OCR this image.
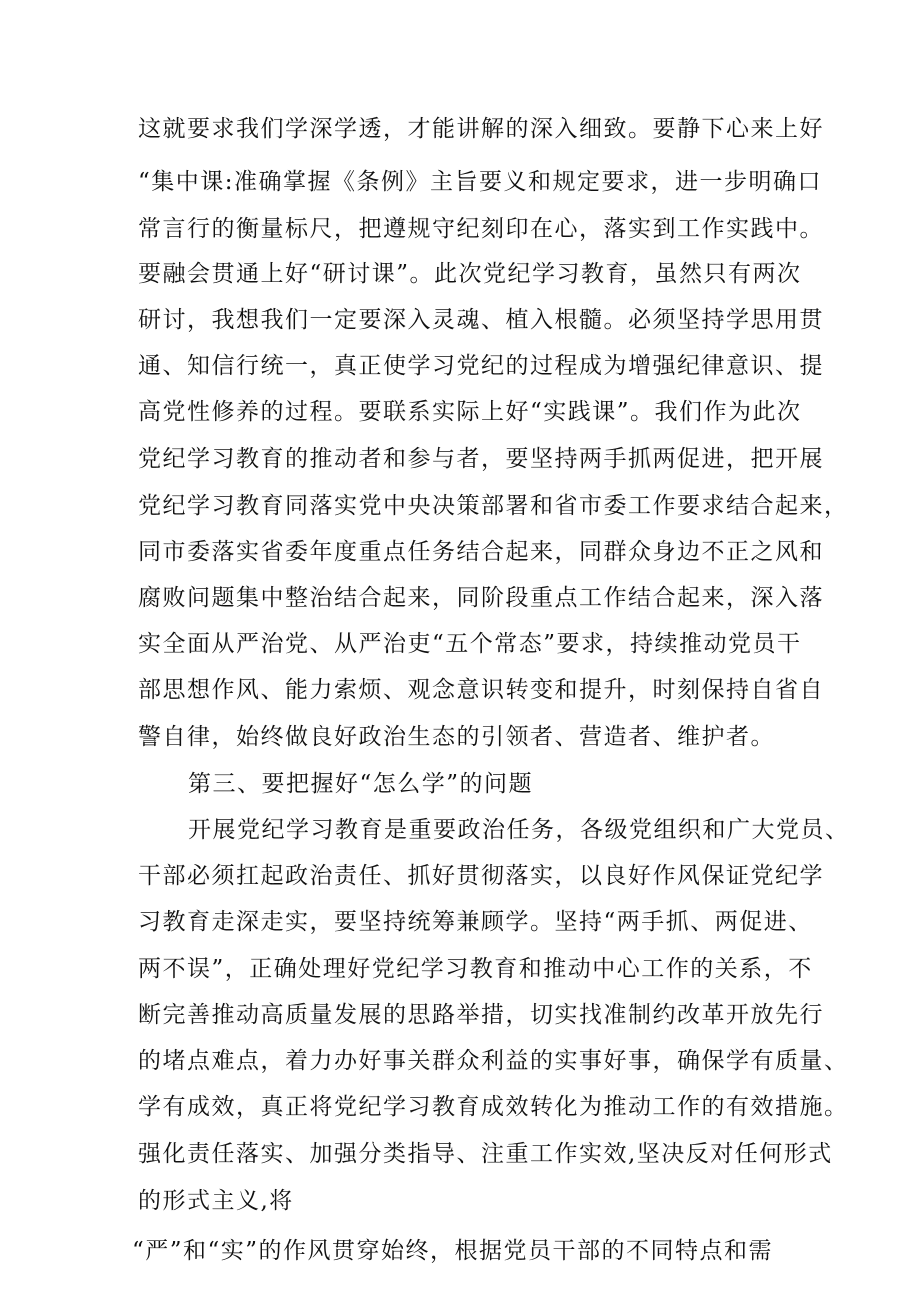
这就要求我们学深学透，才能讲解的深入细致。要静下心来上好
“集中课:准确掌握《条例》主旨要义和规定要求，进一步明确口
常言行的衡量标尺，把遵规守纪刻印在心，落实到工作实践中。
要融会贯通上好“研讨课”。此次党纪学习教育，虽然只有两次
研讨，我想我们一定要深入灵魂、植入根髓。必须坚持学思用贯
通、知信行统一，真正使学习党纪的过程成为增强纪律意识、提
高党性修养的过程。要联系实际上好“实践课”。我们作为此次
党纪学习教育的推动者和参与者，要坚持两手抓两促进，把开展
党纪学习教育同落实党中央决策部署和省市委工作要求结合起来，
同市委落实省委年度重点任务结合起来，同群众身边不正之风和
腐败问题集中整治结合起来，同阶段重点工作结合起来，深入落
实全面从严治党、从严治吏“五个常态”要求，持续推动党员干
部思想作风、能力索烦、观念意识转变和提升，时刻保持自省自
警自律，始终做良好政治生态的引领者、营造者、维护者。
第三、要把握好“怎么学”的问题
开展党纪学习教育是重要政治任务，各级党组织和广大党员、
干部必须扛起政治责任、抓好贯彻落实，以良好作风保证党纪学
习教育走深走实，要坚持统筹兼顾学。坚持“两手抓、两促进、
两不误”，正确处理好党纪学习教育和推动中心工作的关系，不
断完善推动高质量发展的思路举措，切实找准制约改革开放先行
的堵点难点，着力办好事关群众利益的实事好事，确保学有质量、
学有成效，真正将党纪学习教育成效转化为推动工作的有效措施。
强化责任落实、加强分类指导、注重工作实效,坚决反对任何形式
的形式主义,将
“严”和“实”的作风贯穿始终，根据党员干部的不同特点和需
